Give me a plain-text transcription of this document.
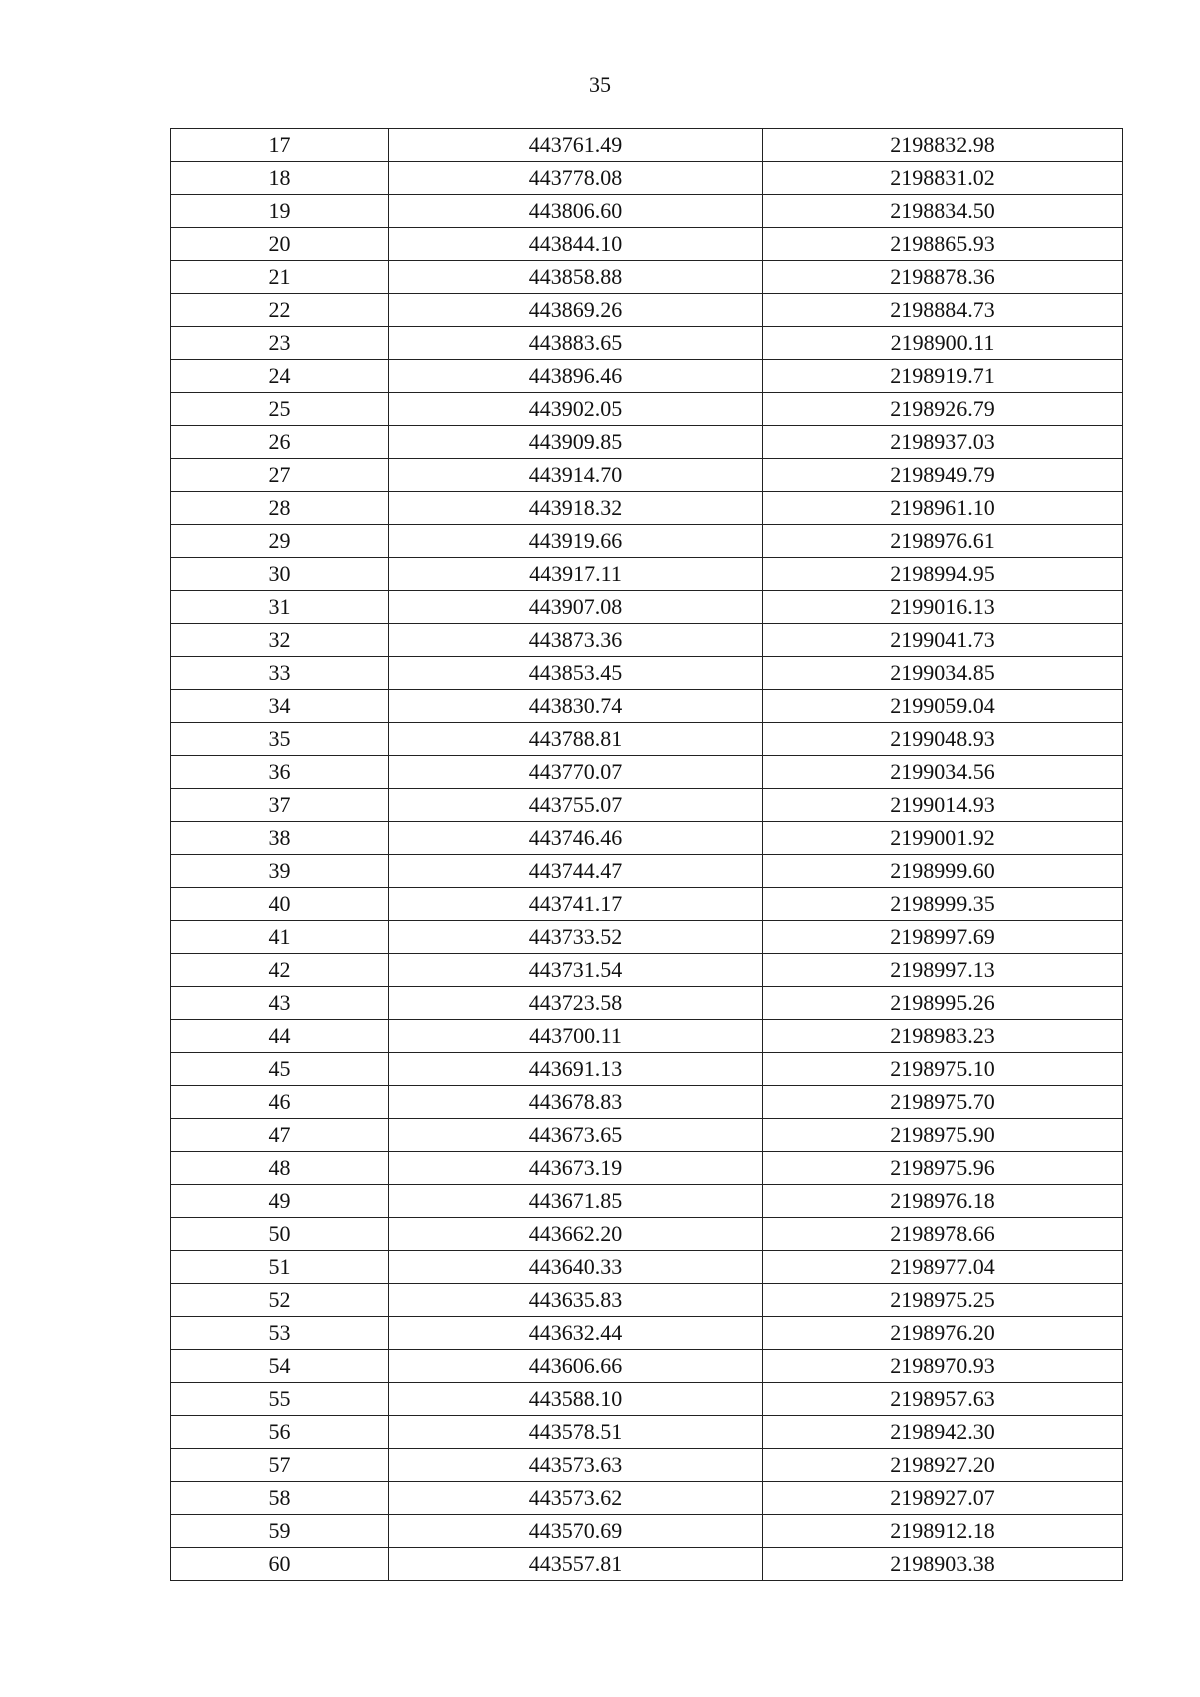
35
17	443761.49	2198832.98
18	443778.08	2198831.02
19	443806.60	2198834.50
20	443844.10	2198865.93
21	443858.88	2198878.36
22	443869.26	2198884.73
23	443883.65	2198900.11
24	443896.46	2198919.71
25	443902.05	2198926.79
26	443909.85	2198937.03
27	443914.70	2198949.79
28	443918.32	2198961.10
29	443919.66	2198976.61
30	443917.11	2198994.95
31	443907.08	2199016.13
32	443873.36	2199041.73
33	443853.45	2199034.85
34	443830.74	2199059.04
35	443788.81	2199048.93
36	443770.07	2199034.56
37	443755.07	2199014.93
38	443746.46	2199001.92
39	443744.47	2198999.60
40	443741.17	2198999.35
41	443733.52	2198997.69
42	443731.54	2198997.13
43	443723.58	2198995.26
44	443700.11	2198983.23
45	443691.13	2198975.10
46	443678.83	2198975.70
47	443673.65	2198975.90
48	443673.19	2198975.96
49	443671.85	2198976.18
50	443662.20	2198978.66
51	443640.33	2198977.04
52	443635.83	2198975.25
53	443632.44	2198976.20
54	443606.66	2198970.93
55	443588.10	2198957.63
56	443578.51	2198942.30
57	443573.63	2198927.20
58	443573.62	2198927.07
59	443570.69	2198912.18
60	443557.81	2198903.38
